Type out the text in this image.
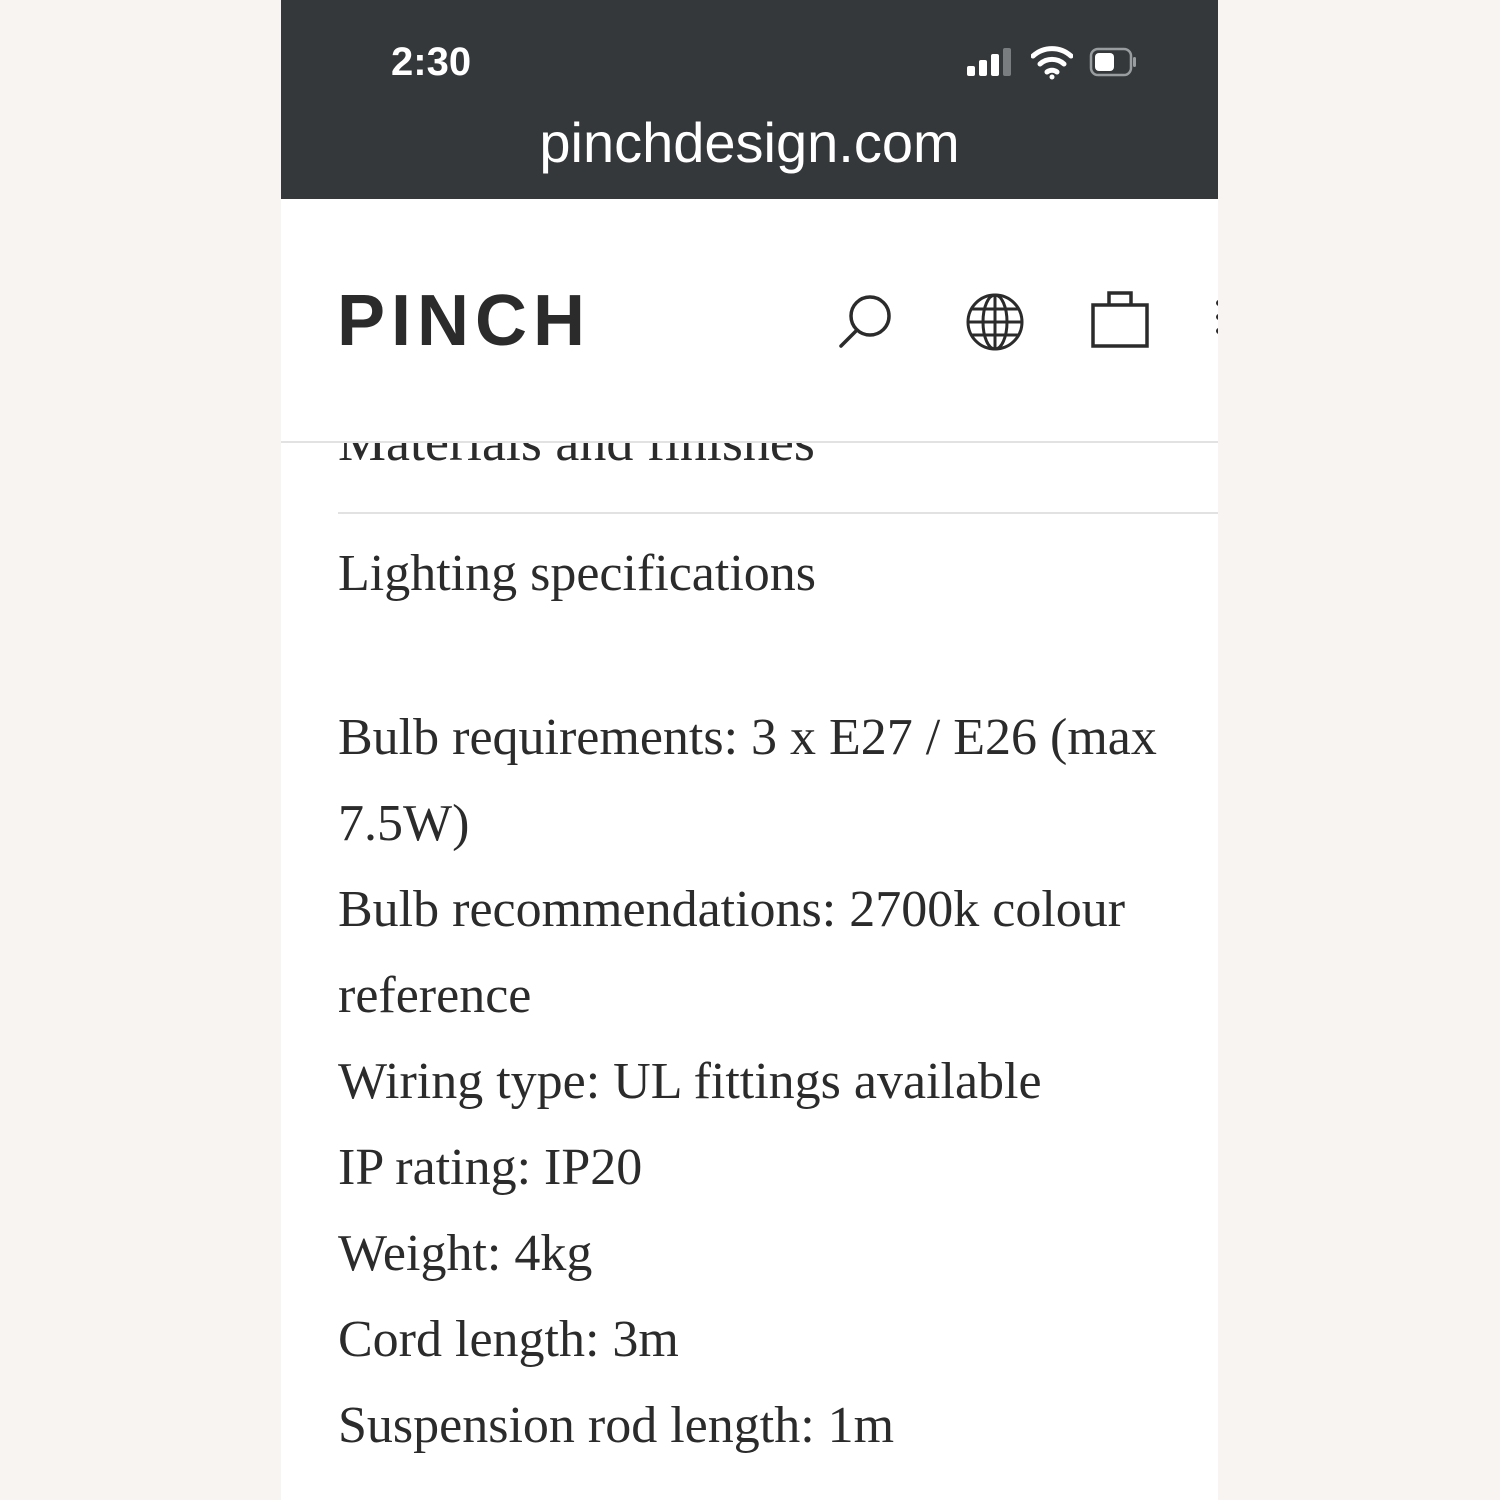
Lighting specifications
Bulb requirements: 3 x E27 / E26 (max 7.5W)
Bulb recommendations: 2700k colour reference
Wiring type: UL fittings available
IP rating: IP20
Weight: 4kg
Cord length: 3m
Suspension rod length: 1m
PINCH
2:30
pinchdesign.com
